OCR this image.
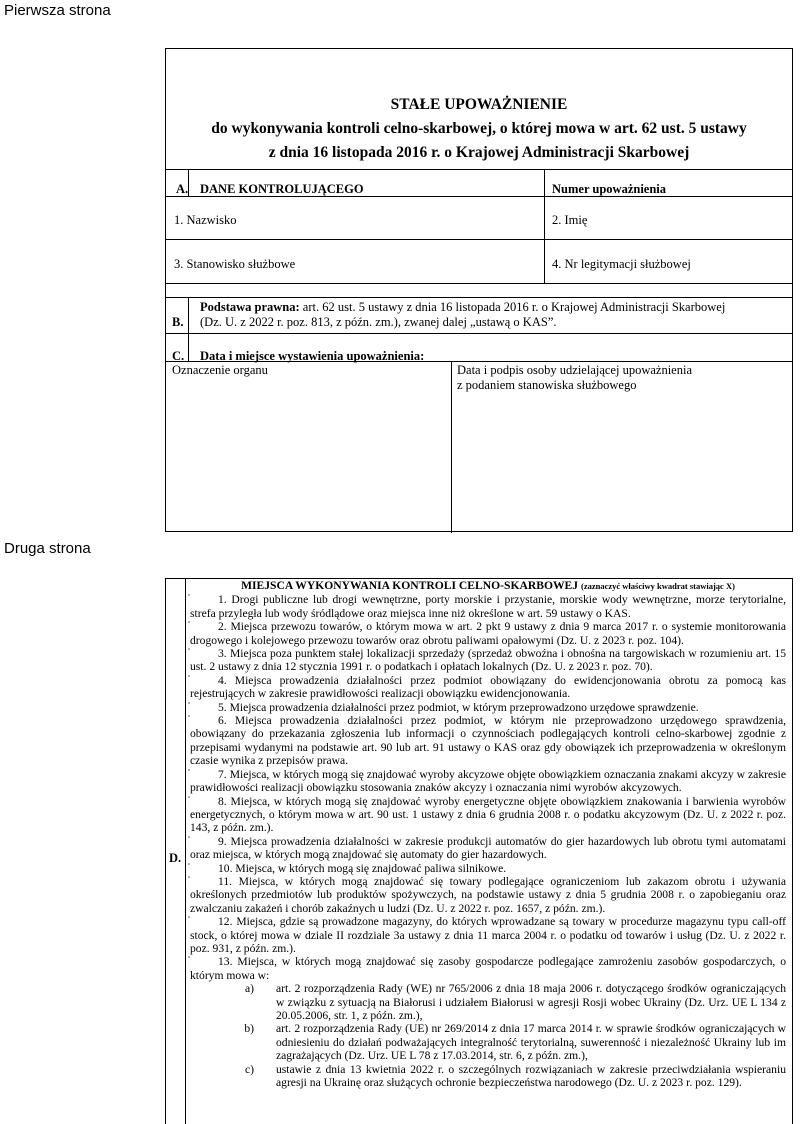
Pierwsza strona
STAŁE UPOWAŻNIENIE
do wykonywania kontroli celno-skarbowej, o której mowa w art. 62 ust. 5 ustawy
z dnia 16 listopada 2016 r. o Krajowej Administracji Skarbowej
A. DANE KONTROLUJĄCEGO	Numer upoważnienia
1. Nazwisko	2. Imię
3. Stanowisko służbowe	4. Nr legitymacji służbowej
B.
Podstawa prawna: art. 62 ust. 5 ustawy z dnia 16 listopada 2016 r. o Krajowej Administracji Skarbowej
(Dz. U. z 2022 r. poz. 813, z późn. zm.), zwanej dalej „ustawą o KAS”.
C. Data i miejsce wystawienia upoważnienia:
Oznaczenie organu	Data i podpis osoby udzielającej upoważnienia
z podaniem stanowiska służbowego
Druga strona
D.
MIEJSCA WYKONYWANIA KONTROLI CELNO-SKARBOWEJ (zaznaczyć właściwy kwadrat stawiając X)

▫ 1. Drogi publiczne lub drogi wewnętrzne, porty morskie i przystanie, morskie wody wewnętrzne, morze terytorialne, strefa przyległa lub wody śródlądowe oraz miejsca inne niż określone w art. 59 ustawy o KAS.

▫ 2. Miejsca przewozu towarów, o którym mowa w art. 2 pkt 9 ustawy z dnia 9 marca 2017 r. o systemie monitorowania drogowego i kolejowego przewozu towarów oraz obrotu paliwami opałowymi (Dz. U. z 2023 r. poz. 104).

▫ 3. Miejsca poza punktem stałej lokalizacji sprzedaży (sprzedaż obwoźna i obnośna na targowiskach w rozumieniu art. 15 ust. 2 ustawy z dnia 12 stycznia 1991 r. o podatkach i opłatach lokalnych (Dz. U. z 2023 r. poz. 70).

▫ 4. Miejsca prowadzenia działalności przez podmiot obowiązany do ewidencjonowania obrotu za pomocą kas rejestrujących w zakresie prawidłowości realizacji obowiązku ewidencjonowania.

▫ 5. Miejsca prowadzenia działalności przez podmiot, w którym przeprowadzono urzędowe sprawdzenie.

▫ 6. Miejsca prowadzenia działalności przez podmiot, w którym nie przeprowadzono urzędowego sprawdzenia, obowiązany do przekazania zgłoszenia lub informacji o czynnościach podlegających kontroli celno-skarbowej zgodnie z przepisami wydanymi na podstawie art. 90 lub art. 91 ustawy o KAS oraz gdy obowiązek ich przeprowadzenia w określonym czasie wynika z przepisów prawa.

▫ 7. Miejsca, w których mogą się znajdować wyroby akcyzowe objęte obowiązkiem oznaczania znakami akcyzy w zakresie prawidłowości realizacji obowiązku stosowania znaków akcyzy i oznaczania nimi wyrobów akcyzowych.

▫ 8. Miejsca, w których mogą się znajdować wyroby energetyczne objęte obowiązkiem znakowania i barwienia wyrobów energetycznych, o którym mowa w art. 90 ust. 1 ustawy z dnia 6 grudnia 2008 r. o podatku akcyzowym (Dz. U. z 2022 r. poz. 143, z późn. zm.).

▫ 9. Miejsca prowadzenia działalności w zakresie produkcji automatów do gier hazardowych lub obrotu tymi automatami oraz miejsca, w których mogą znajdować się automaty do gier hazardowych.

▫ 10. Miejsca, w których mogą się znajdować paliwa silnikowe.

▫ 11. Miejsca, w których mogą znajdować się towary podlegające ograniczeniom lub zakazom obrotu i używania określonych przedmiotów lub produktów spożywczych, na podstawie ustawy z dnia 5 grudnia 2008 r. o zapobieganiu oraz zwalczaniu zakażeń i chorób zakaźnych u ludzi (Dz. U. z 2022 r. poz. 1657, z późn. zm.).

▫ 12. Miejsca, gdzie są prowadzone magazyny, do których wprowadzane są towary w procedurze magazynu typu call-off stock, o której mowa w dziale II rozdziale 3a ustawy z dnia 11 marca 2004 r. o podatku od towarów i usług (Dz. U. z 2022 r. poz. 931, z późn. zm.).

▫ 13. Miejsca, w których mogą znajdować się zasoby gospodarcze podlegające zamrożeniu zasobów gospodarczych, o którym mowa w:

a)	art. 2 rozporządzenia Rady (WE) nr 765/2006 z dnia 18 maja 2006 r. dotyczącego środków ograniczających w związku z sytuacją na Białorusi i udziałem Białorusi w agresji Rosji wobec Ukrainy (Dz. Urz. UE L 134 z 20.05.2006, str. 1, z późn. zm.),
b)	art. 2 rozporządzenia Rady (UE) nr 269/2014 z dnia 17 marca 2014 r. w sprawie środków ograniczających w odniesieniu do działań podważających integralność terytorialną, suwerenność i niezależność Ukrainy lub im zagrażających (Dz. Urz. UE L 78 z 17.03.2014, str. 6, z późn. zm.),
c)	ustawie z dnia 13 kwietnia 2022 r. o szczególnych rozwiązaniach w zakresie przeciwdziałania wspieraniu agresji na Ukrainę oraz służących ochronie bezpieczeństwa narodowego (Dz. U. z 2023 r. poz. 129).
